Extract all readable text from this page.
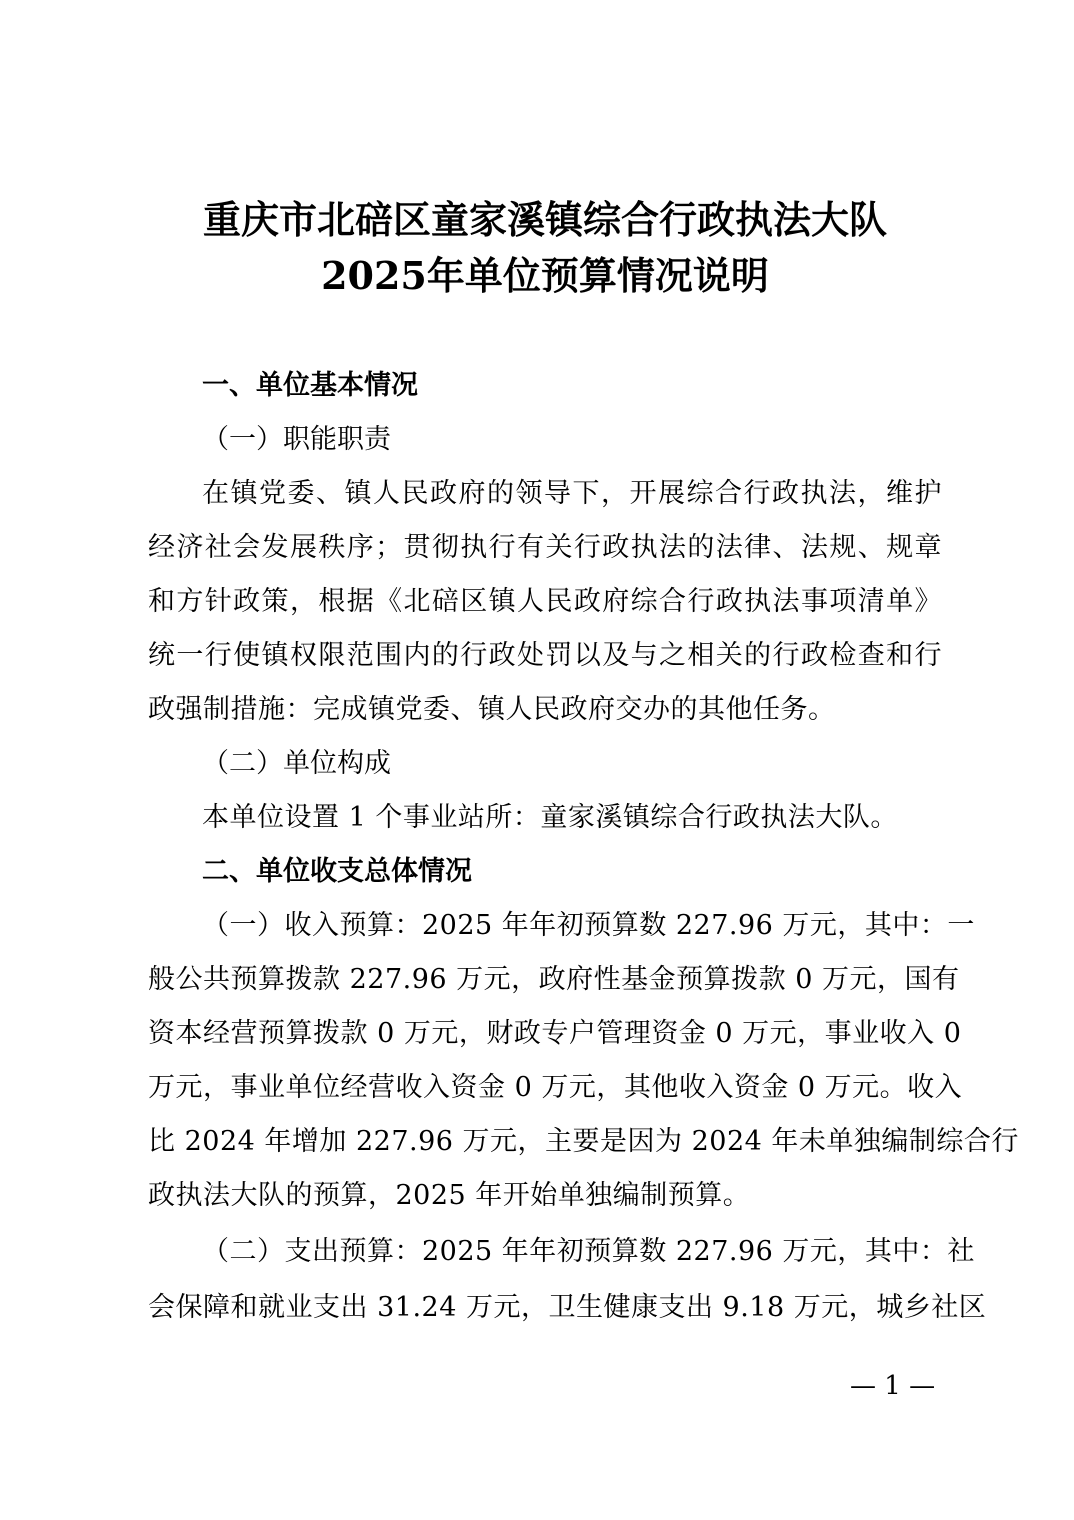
重庆市北碚区童家溪镇综合行政执法大队
2025年单位预算情况说明
一、单位基本情况
（一）职能职责
在镇党委、镇人民政府的领导下，开展综合行政执法，维护
经济社会发展秩序；贯彻执行有关行政执法的法律、法规、规章
和方针政策，根据《北碚区镇人民政府综合行政执法事项清单》
统一行使镇权限范围内的行政处罚以及与之相关的行政检查和行
政强制措施：完成镇党委、镇人民政府交办的其他任务。
（二）单位构成
本单位设置 1 个事业站所：童家溪镇综合行政执法大队。
二、单位收支总体情况
（一）收入预算：2025 年年初预算数 227.96 万元，其中：一
般公共预算拨款 227.96 万元，政府性基金预算拨款 0 万元，国有
资本经营预算拨款 0 万元，财政专户管理资金 0 万元，事业收入 0
万元，事业单位经营收入资金 0 万元，其他收入资金 0 万元。收入
比 2024 年增加 227.96 万元，主要是因为 2024 年未单独编制综合行
政执法大队的预算，2025 年开始单独编制预算。
（二）支出预算：2025 年年初预算数 227.96 万元，其中：社
会保障和就业支出 31.24 万元，卫生健康支出 9.18 万元，城乡社区
— 1 —
